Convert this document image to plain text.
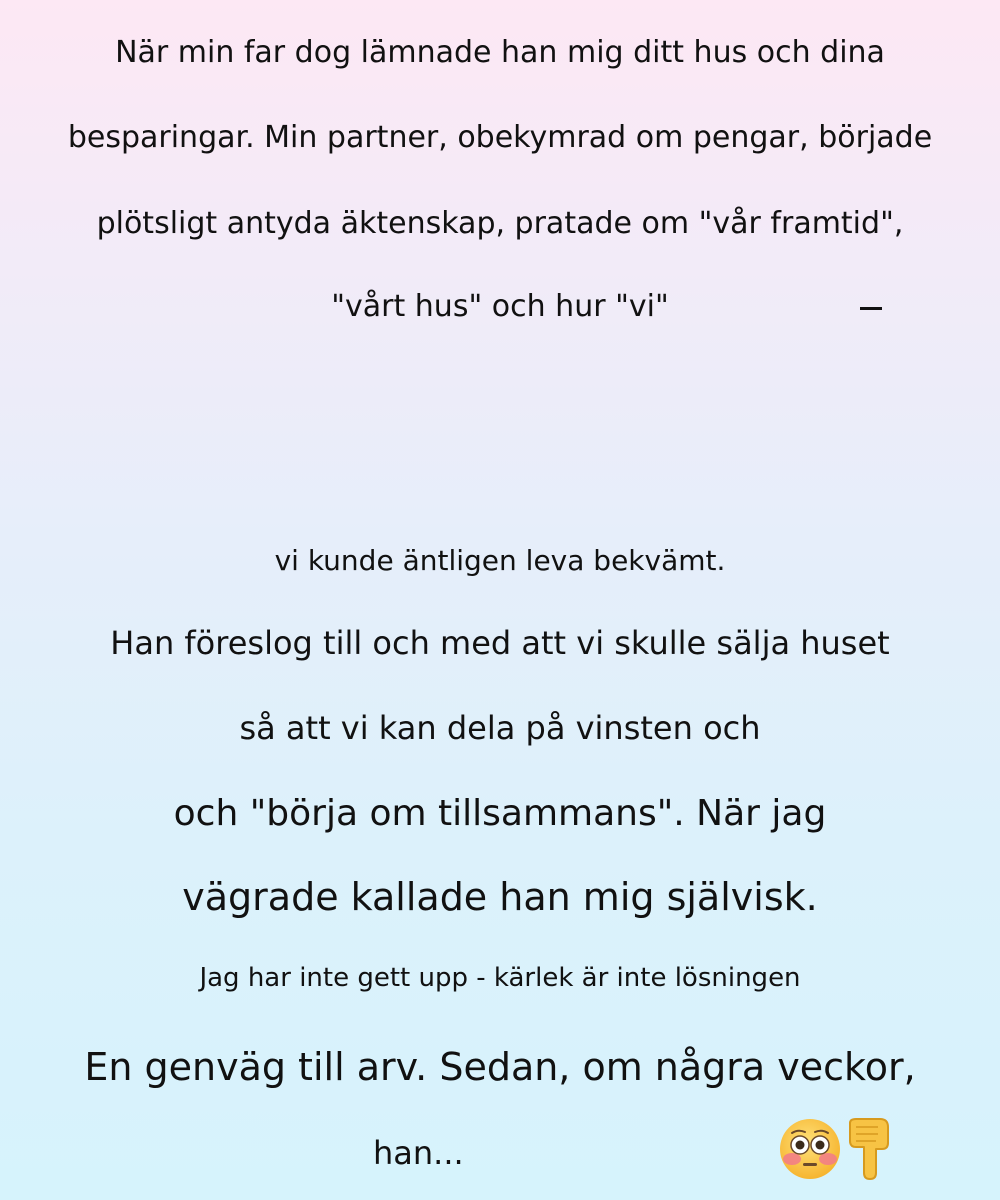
När min far dog lämnade han mig ditt hus och dina
besparingar. Min partner, obekymrad om pengar, började
plötsligt antyda äktenskap, pratade om "vår framtid",
"vårt hus" och hur "vi"
vi kunde äntligen leva bekvämt.
Han föreslog till och med att vi skulle sälja huset
så att vi kan dela på vinsten och
och "börja om tillsammans". När jag
vägrade kallade han mig självisk.
Jag har inte gett upp - kärlek är inte lösningen
En genväg till arv. Sedan, om några veckor,
han...
